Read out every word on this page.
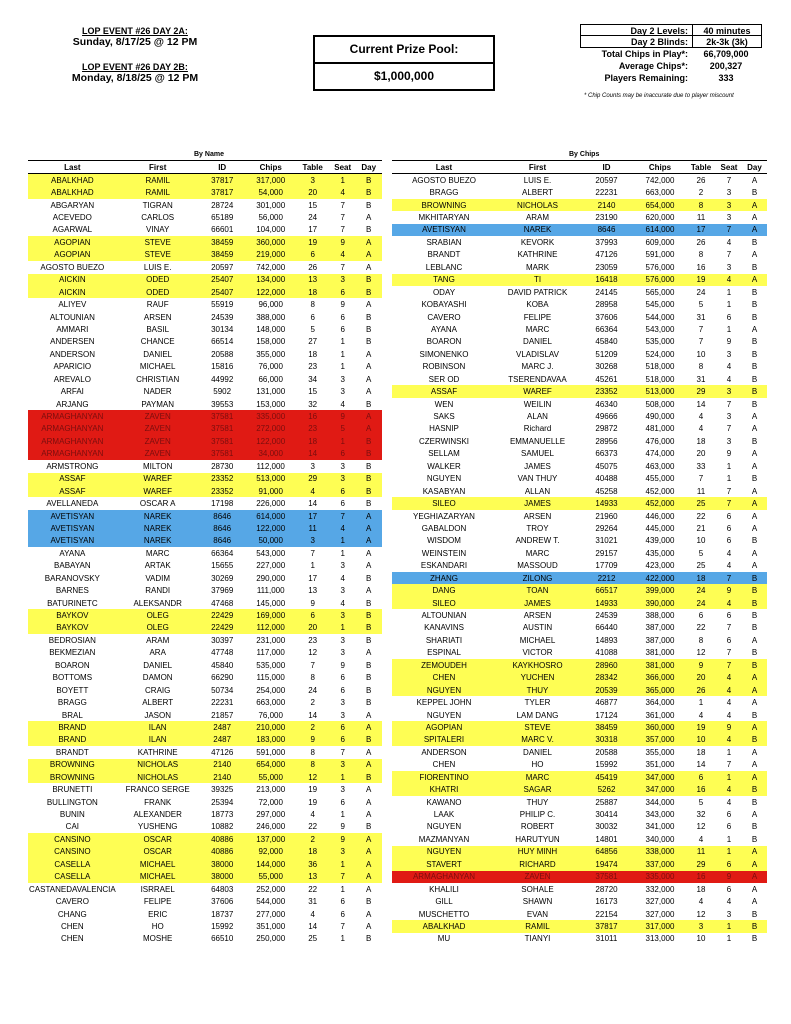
LOP EVENT #26 DAY 2A:
Sunday, 8/17/25 @ 12 PM
LOP EVENT #26 DAY 2B:
Monday, 8/18/25 @ 12 PM
Current Prize Pool:
$1,000,000
Day 2 Levels:	40 minutes
Day 2 Blinds:	2k-3k (3k)
Total Chips in Play*:	66,709,000
Average Chips*:	200,327
Players Remaining:	333
* Chip Counts may be inaccurate due to player miscount
By Name	By Chips
Last	First	ID	Chips	Table	Seat	Day
ABALKHAD	RAMIL	37817	317,000	3	1	B
ABALKHAD	RAMIL	37817	54,000	20	4	B
ABGARYAN	TIGRAN	28724	301,000	15	7	B
ACEVEDO	CARLOS	65189	56,000	24	7	A
AGARWAL	VINAY	66601	104,000	17	7	B
AGOPIAN	STEVE	38459	360,000	19	9	A
AGOPIAN	STEVE	38459	219,000	6	4	A
AGOSTO BUEZO	LUIS E.	20597	742,000	26	7	A
AICKIN	ODED	25407	134,000	13	3	B
AICKIN	ODED	25407	122,000	18	6	B
ALIYEV	RAUF	55919	96,000	8	9	A
ALTOUNIAN	ARSEN	24539	388,000	6	6	B
AMMARI	BASIL	30134	148,000	5	6	B
ANDERSEN	CHANCE	66514	158,000	27	1	B
ANDERSON	DANIEL	20588	355,000	18	1	A
APARICIO	MICHAEL	15816	76,000	23	1	A
AREVALO	CHRISTIAN	44992	66,000	34	3	A
ARFAI	NADER	5902	131,000	15	3	A
ARJANG	PAYMAN	39553	153,000	32	4	B
ARMAGHANYAN	ZAVEN	37581	335,000	16	9	A
ARMAGHANYAN	ZAVEN	37581	272,000	23	5	A
ARMAGHANYAN	ZAVEN	37581	122,000	18	1	B
ARMAGHANYAN	ZAVEN	37581	34,000	14	6	B
ARMSTRONG	MILTON	28730	112,000	3	3	B
ASSAF	WAREF	23352	513,000	29	3	B
ASSAF	WAREF	23352	91,000	4	6	B
AVELLANEDA	OSCAR A	17198	226,000	14	6	B
AVETISYAN	NAREK	8646	614,000	17	7	A
AVETISYAN	NAREK	8646	122,000	11	4	A
AVETISYAN	NAREK	8646	50,000	3	1	A
AYANA	MARC	66364	543,000	7	1	A
BABAYAN	ARTAK	15655	227,000	1	3	A
BARANOVSKY	VADIM	30269	290,000	17	4	B
BARNES	RANDI	37969	111,000	13	3	A
BATURINETC	ALEKSANDR	47468	145,000	9	4	B
BAYKOV	OLEG	22429	169,000	6	3	B
BAYKOV	OLEG	22429	112,000	20	1	B
BEDROSIAN	ARAM	30397	231,000	23	3	B
BEKMEZIAN	ARA	47748	117,000	12	3	A
BOARON	DANIEL	45840	535,000	7	9	B
BOTTOMS	DAMON	66290	115,000	8	6	B
BOYETT	CRAIG	50734	254,000	24	6	B
BRAGG	ALBERT	22231	663,000	2	3	B
BRAL	JASON	21857	76,000	14	3	A
BRAND	ILAN	2487	210,000	2	6	A
BRAND	ILAN	2487	183,000	9	6	B
BRANDT	KATHRINE	47126	591,000	8	7	A
BROWNING	NICHOLAS	2140	654,000	8	3	A
BROWNING	NICHOLAS	2140	55,000	12	1	B
BRUNETTI	FRANCO SERGE	39325	213,000	19	3	A
BULLINGTON	FRANK	25394	72,000	19	6	A
BUNIN	ALEXANDER	18773	297,000	4	1	A
CAI	YUSHENG	10882	246,000	22	9	B
CANSINO	OSCAR	40886	137,000	2	9	A
CANSINO	OSCAR	40886	92,000	18	3	A
CASELLA	MICHAEL	38000	144,000	36	1	A
CASELLA	MICHAEL	38000	55,000	13	7	A
CASTANEDAVALENCIA	ISRRAEL	64803	252,000	22	1	A
CAVERO	FELIPE	37606	544,000	31	6	B
CHANG	ERIC	18737	277,000	4	6	A
CHEN	HO	15992	351,000	14	7	A
CHEN	MOSHE	66510	250,000	25	1	B
Last	First	ID	Chips	Table	Seat	Day
AGOSTO BUEZO	LUIS E.	20597	742,000	26	7	A
BRAGG	ALBERT	22231	663,000	2	3	B
BROWNING	NICHOLAS	2140	654,000	8	3	A
MKHITARYAN	ARAM	23190	620,000	11	3	A
AVETISYAN	NAREK	8646	614,000	17	7	A
SRABIAN	KEVORK	37993	609,000	26	4	B
BRANDT	KATHRINE	47126	591,000	8	7	A
LEBLANC	MARK	23059	576,000	16	3	B
TANG	TI	16418	576,000	19	4	A
ODAY	DAVID PATRICK	24145	565,000	24	1	B
KOBAYASHI	KOBA	28958	545,000	5	1	B
CAVERO	FELIPE	37606	544,000	31	6	B
AYANA	MARC	66364	543,000	7	1	A
BOARON	DANIEL	45840	535,000	7	9	B
SIMONENKO	VLADISLAV	51209	524,000	10	3	B
ROBINSON	MARC J.	30268	518,000	8	4	B
SER OD	TSERENDAVAA	45261	518,000	31	4	B
ASSAF	WAREF	23352	513,000	29	3	B
WEN	WEILIN	46340	508,000	14	7	B
SAKS	ALAN	49666	490,000	4	3	A
HASNIP	Richard	29872	481,000	4	7	A
CZERWINSKI	EMMANUELLE	28956	476,000	18	3	B
SELLAM	SAMUEL	66373	474,000	20	9	A
WALKER	JAMES	45075	463,000	33	1	A
NGUYEN	VAN THUY	40488	455,000	7	1	B
KASABYAN	ALLAN	45258	452,000	11	7	A
SILEO	JAMES	14933	452,000	25	7	A
YEGHIAZARYAN	ARSEN	21960	446,000	22	6	A
GABALDON	TROY	29264	445,000	21	6	A
WISDOM	ANDREW T.	31021	439,000	10	6	B
WEINSTEIN	MARC	29157	435,000	5	4	A
ESKANDARI	MASSOUD	17709	423,000	25	4	A
ZHANG	ZILONG	2212	422,000	18	7	B
DANG	TOAN	66517	399,000	24	9	B
SILEO	JAMES	14933	390,000	24	4	B
ALTOUNIAN	ARSEN	24539	388,000	6	6	B
KANAVINS	AUSTIN	66440	387,000	22	7	B
SHARIATI	MICHAEL	14893	387,000	8	6	A
ESPINAL	VICTOR	41088	381,000	12	7	B
ZEMOUDEH	KAYKHOSRO	28960	381,000	9	7	B
CHEN	YUCHEN	28342	366,000	20	4	A
NGUYEN	THUY	20539	365,000	26	4	A
KEPPEL JOHN	TYLER	46877	364,000	1	4	A
NGUYEN	LAM DANG	17124	361,000	4	4	B
AGOPIAN	STEVE	38459	360,000	19	9	A
SPITALERI	MARC V.	30318	357,000	10	4	B
ANDERSON	DANIEL	20588	355,000	18	1	A
CHEN	HO	15992	351,000	14	7	A
FIORENTINO	MARC	45419	347,000	6	1	A
KHATRI	SAGAR	5262	347,000	16	4	B
KAWANO	THUY	25887	344,000	5	4	B
LAAK	PHILIP C.	30414	343,000	32	6	A
NGUYEN	ROBERT	30032	341,000	12	6	B
MAZMANYAN	HARUTYUN	14801	340,000	4	1	B
NGUYEN	HUY MINH	64856	338,000	11	1	A
STAVERT	RICHARD	19474	337,000	29	6	A
ARMAGHANYAN	ZAVEN	37581	335,000	16	9	A
KHALILI	SOHALE	28720	332,000	18	6	A
GILL	SHAWN	16173	327,000	4	4	A
MUSCHETTO	EVAN	22154	327,000	12	3	B
ABALKHAD	RAMIL	37817	317,000	3	1	B
MU	TIANYI	31011	313,000	10	1	B
